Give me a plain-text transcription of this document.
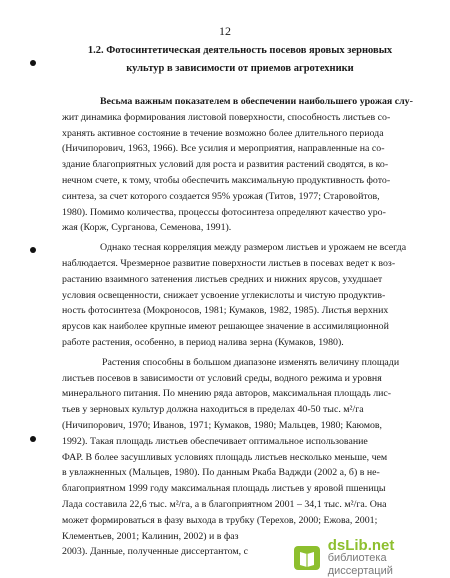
12
1.2. Фотосинтетическая деятельность посевов яровых зерновых
культур в зависимости от приемов агротехники
Весьма важным показателем в обеспечении наибольшего урожая слу-
жит динамика формирования листовой поверхности, способность листьев со-
хранять активное состояние в течение возможно более длительного периода
(Ничипорович, 1963, 1966). Все усилия и мероприятия, направленные на со-
здание благоприятных условий для роста и развития растений сводятся, в ко-
нечном счете, к тому, чтобы обеспечить максимальную продуктивность фото-
синтеза, за счет которого создается 95% урожая (Титов, 1977; Старовойтов,
1980). Помимо количества, процессы фотосинтеза определяют качество уро-
жая (Корж, Сурганова, Семенова, 1991).
Однако тесная корреляция между размером листьев и урожаем не всегда
наблюдается. Чрезмерное развитие поверхности листьев в посевах ведет к воз-
растанию взаимного затенения листьев средних и нижних ярусов, ухудшает
условия освещенности, снижает усвоение углекислоты и чистую продуктив-
ность фотосинтеза (Мокроносов, 1981; Кумаков, 1982, 1985). Листья верхних
ярусов как наиболее крупные имеют решающее значение в ассимиляционной
работе растения, особенно, в период налива зерна (Кумаков, 1980).
Растения способны в большом диапазоне изменять величину площади
листьев посевов в зависимости от условий среды, водного режима и уровня
минерального питания. По мнению ряда авторов, максимальная площадь лис-
тьев у зерновых культур должна находиться в пределах 40-50 тыс. м²/га
(Ничипорович, 1970; Иванов, 1971; Кумаков, 1980; Мальцев, 1980; Каюмов,
1992). Такая площадь листьев обеспечивает оптимальное использование
ФАР. В более засушливых условиях площадь листьев несколько меньше, чем
в увлажненных (Мальцев, 1980). По данным Ркаба Ваджди (2002 а, б) в не-
благоприятном 1999 году максимальная площадь листьев у яровой пшеницы
Лада составила 22,6 тыс. м²/га, а в благоприятном 2001 – 34,1 тыс. м²/га. Она
может формироваться в фазу выхода в трубку (Терехов, 2000; Ежова, 2001;
Клементьев, 2001; Калинин, 2002) и в фаз
2003). Данные, полученные диссертантом, с	dsLib.net
библиотека диссертаций
